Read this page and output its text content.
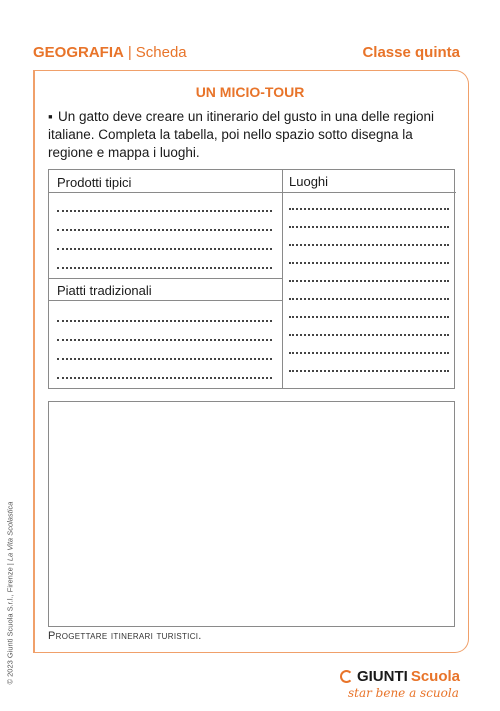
GEOGRAFIA | Scheda	Classe quinta
UN MICIO-TOUR
▪ Un gatto deve creare un itinerario del gusto in una delle regioni italiane. Completa la tabella, poi nello spazio sotto disegna la regione e mappa i luoghi.
Prodotti tipici	Luoghi
Piatti tradizionali
Progettare itinerari turistici.
© 2023 Giunti Scuola S.r.l., Firenze | La Vita Scolastica
GIUNTI Scuola
star bene a scuola
